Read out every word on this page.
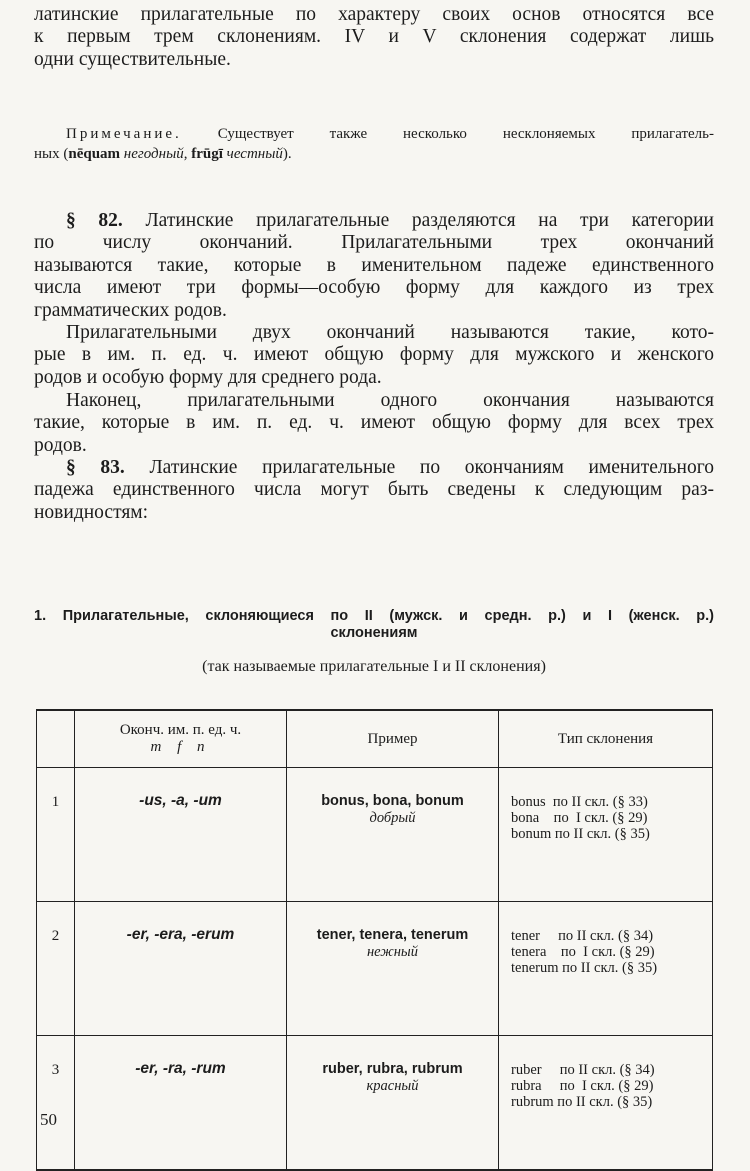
латинские прилагательные по характеру своих основ относятся все
к первым трем склонениям. IV и V склонения содержат лишь
одни существительные.

Примечание. Существует также несколько несклоняемых прилагатель-
ных (nēquam негодный, frūgī честный).

§ 82. Латинские прилагательные разделяются на три категории
по числу окончаний. Прилагательными трех окончаний
называются такие, которые в именительном падеже единственного
числа имеют три формы—особую форму для каждого из трех
грамматических родов.

Прилагательными двух окончаний называются такие, кото-
рые в им. п. ед. ч. имеют общую форму для мужского и женского
родов и особую форму для среднего рода.

Наконец, прилагательными одного окончания называются
такие, которые в им. п. ед. ч. имеют общую форму для всех трех
родов.

§ 83. Латинские прилагательные по окончаниям именительного
падежа единственного числа могут быть сведены к следующим раз-
новидностям:

1. Прилагательные, склоняющиеся по II (мужск. и средн. р.) и I (женск. р.)
склонениям

(так называемые прилагательные I и II склонения)

	Оконч. им. п. ед. ч.
m f n	Пример	Тип склонения
1	-us, -a, -um	bonus, bona, bonum
добрый	bonus  по II скл. (§ 33)
bona    по  I скл. (§ 29)
bonum по II скл. (§ 35)

2	-er, -era, -erum	tener, tenera, tenerum
нежный	tener     по II скл. (§ 34)
tenera    по  I скл. (§ 29)
tenerum по II скл. (§ 35)

3	-er, -ra, -rum	ruber, rubra, rubrum
красный	ruber     по II скл. (§ 34)
rubra     по  I скл. (§ 29)
rubrum по II скл. (§ 35)
50
